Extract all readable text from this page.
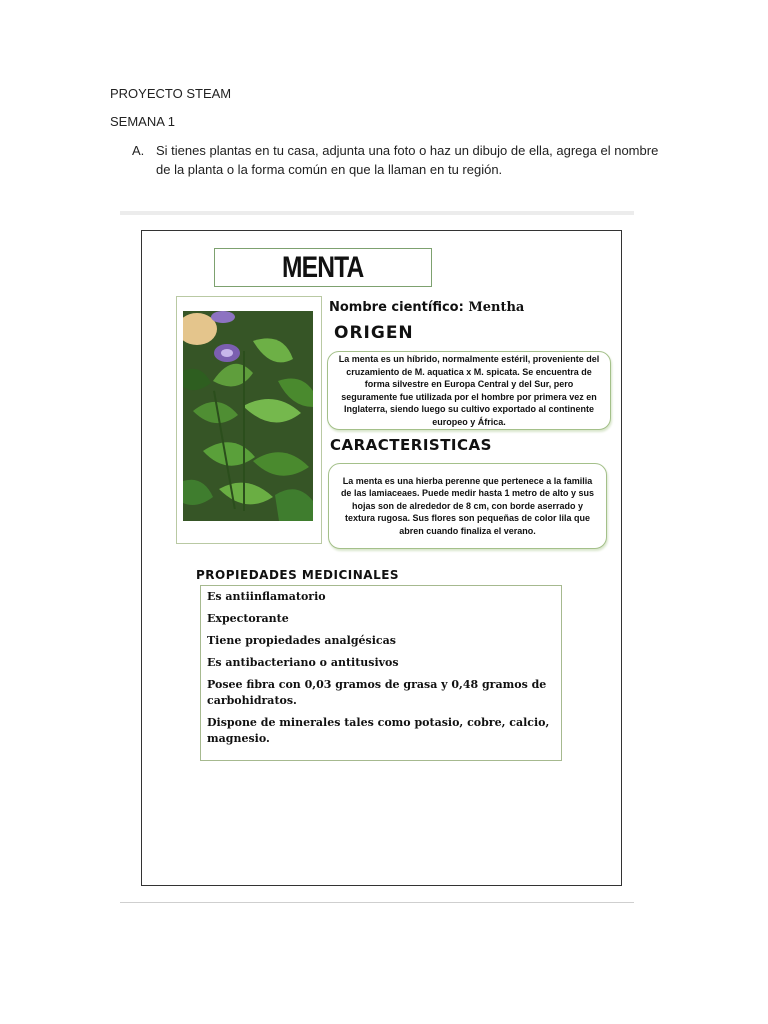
PROYECTO STEAM
SEMANA 1
A. Si tienes plantas en tu casa, adjunta una foto o haz un dibujo de ella, agrega el nombre de la planta o la forma común en que la llaman en tu región.
MENTA
Nombre científico: Mentha
ORIGEN
La menta es un híbrido, normalmente estéril, proveniente del cruzamiento de M. aquatica x M. spicata. Se encuentra de forma silvestre en Europa Central y del Sur, pero seguramente fue utilizada por el hombre por primera vez en Inglaterra, siendo luego su cultivo exportado al continente europeo y África.
CARACTERISTICAS
La menta es una hierba perenne que pertenece a la familia de las lamiaceaes. Puede medir hasta 1 metro de alto y sus hojas son de alrededor de 8 cm, con borde aserrado y textura rugosa. Sus flores son pequeñas de color lila que abren cuando finaliza el verano.
PROPIEDADES MEDICINALES
Es antiinflamatorio
Expectorante
Tiene propiedades analgésicas
Es antibacteriano o antitusivos
Posee fibra con 0,03 gramos de grasa y 0,48 gramos de carbohidratos.
Dispone de minerales tales como potasio, cobre, calcio, magnesio.
